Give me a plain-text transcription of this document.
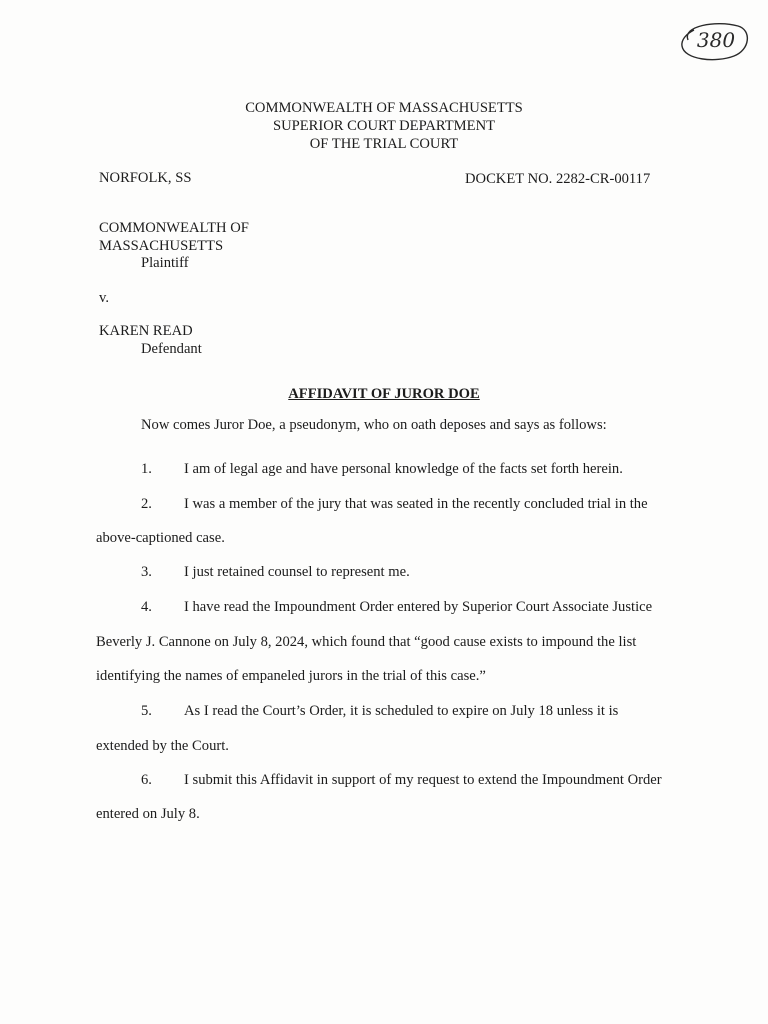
380
COMMONWEALTH OF MASSACHUSETTS
SUPERIOR COURT DEPARTMENT
OF THE TRIAL COURT
NORFOLK, SS	DOCKET NO. 2282-CR-00117
COMMONWEALTH OF
MASSACHUSETTS
Plaintiff
v.
KAREN READ
Defendant
AFFIDAVIT OF JUROR DOE
Now comes Juror Doe, a pseudonym, who on oath deposes and says as follows:
1. I am of legal age and have personal knowledge of the facts set forth herein.
2. I was a member of the jury that was seated in the recently concluded trial in the
above-captioned case.
3. I just retained counsel to represent me.
4. I have read the Impoundment Order entered by Superior Court Associate Justice
Beverly J. Cannone on July 8, 2024, which found that “good cause exists to impound the list
identifying the names of empaneled jurors in the trial of this case.”
5. As I read the Court’s Order, it is scheduled to expire on July 18 unless it is
extended by the Court.
6. I submit this Affidavit in support of my request to extend the Impoundment Order
entered on July 8.
